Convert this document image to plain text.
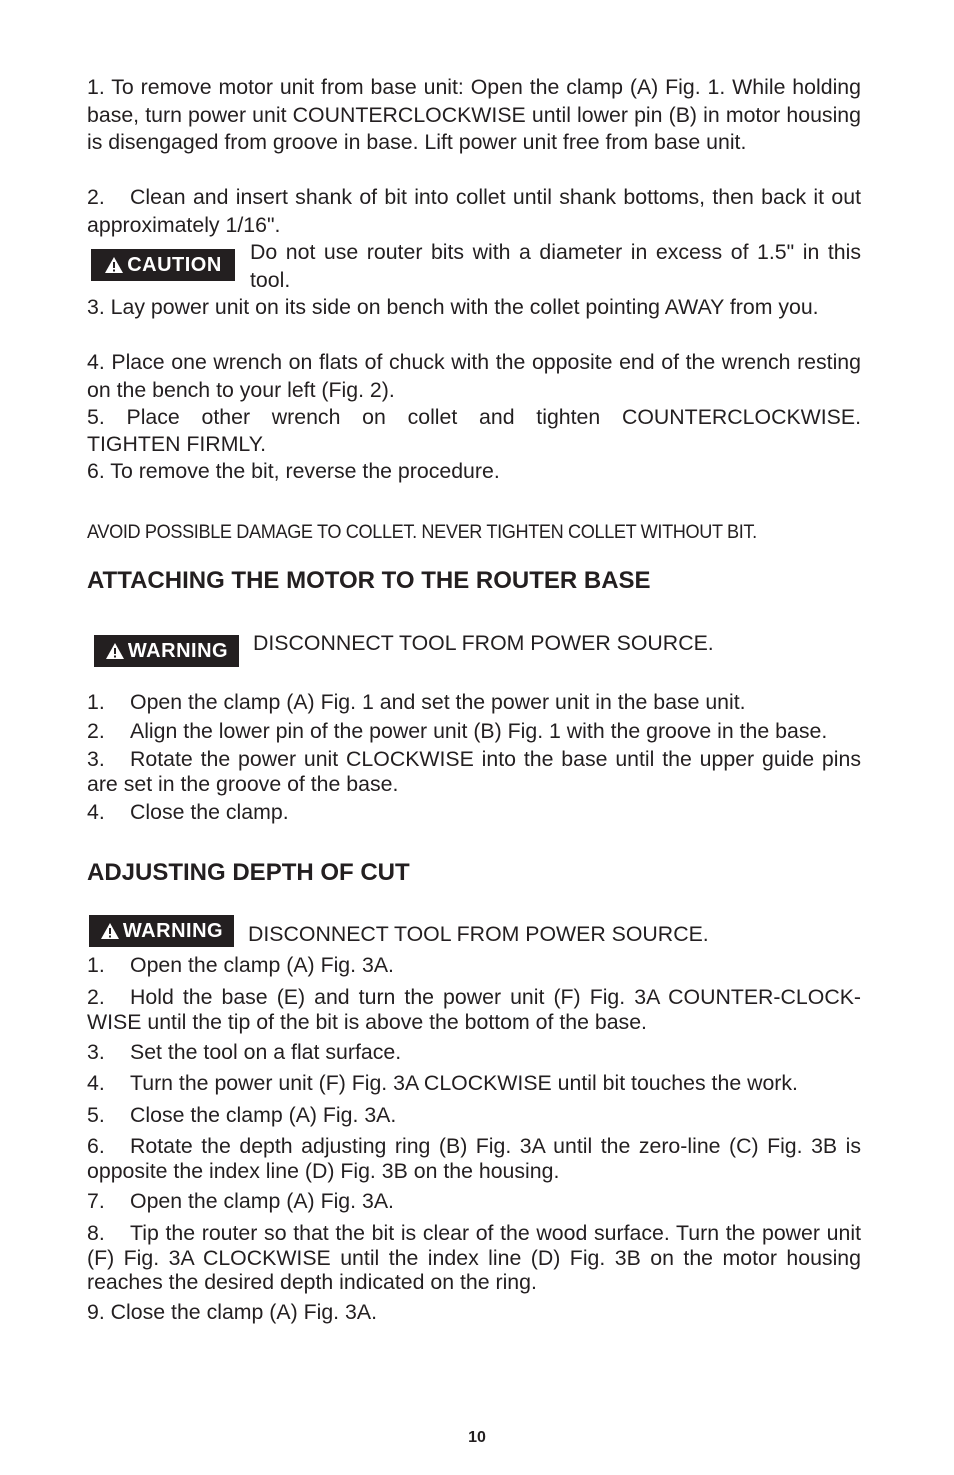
1. To remove motor unit from base unit: Open the clamp (A) Fig. 1. While holding base, turn power unit COUNTERCLOCKWISE until lower pin (B) in motor housing is disengaged from groove in base. Lift power unit free from base unit.

2. Clean and insert shank of bit into collet until shank bottoms, then back it out approximately 1/16".

CAUTION

Do not use router bits with a diameter in excess of 1.5" in this tool.

3. Lay power unit on its side on bench with the collet pointing AWAY from you.

4. Place one wrench on flats of chuck with the opposite end of the wrench resting on the bench to your left (Fig. 2).

5. Place other wrench on collet and tighten COUNTERCLOCKWISE.

TIGHTEN FIRMLY.

6. To remove the bit, reverse the procedure.

AVOID POSSIBLE DAMAGE TO COLLET. NEVER TIGHTEN COLLET WITHOUT BIT.

ATTACHING THE MOTOR TO THE ROUTER BASE
WARNING DISCONNECT TOOL FROM POWER SOURCE.

1. Open the clamp (A) Fig. 1 and set the power unit in the base unit.

2. Align the lower pin of the power unit (B) Fig. 1 with the groove in the base.

3. Rotate the power unit CLOCKWISE into the base until the upper guide pins are set in the groove of the base.

4. Close the clamp.

ADJUSTING DEPTH OF CUT
WARNING DISCONNECT TOOL FROM POWER SOURCE.

1. Open the clamp (A) Fig. 3A.

2. Hold the base (E) and turn the power unit (F) Fig. 3A COUNTER-CLOCK-WISE until the tip of the bit is above the bottom of the base.

3. Set the tool on a flat surface.

4. Turn the power unit (F) Fig. 3A CLOCKWISE until bit touches the work.

5. Close the clamp (A) Fig. 3A.

6. Rotate the depth adjusting ring (B) Fig. 3A until the zero-line (C) Fig. 3B is opposite the index line (D) Fig. 3B on the housing.

7. Open the clamp (A) Fig. 3A.

8. Tip the router so that the bit is clear of the wood surface. Turn the power unit (F) Fig. 3A CLOCKWISE until the index line (D) Fig. 3B on the motor housing reaches the desired depth indicated on the ring.

9. Close the clamp (A) Fig. 3A.

10
